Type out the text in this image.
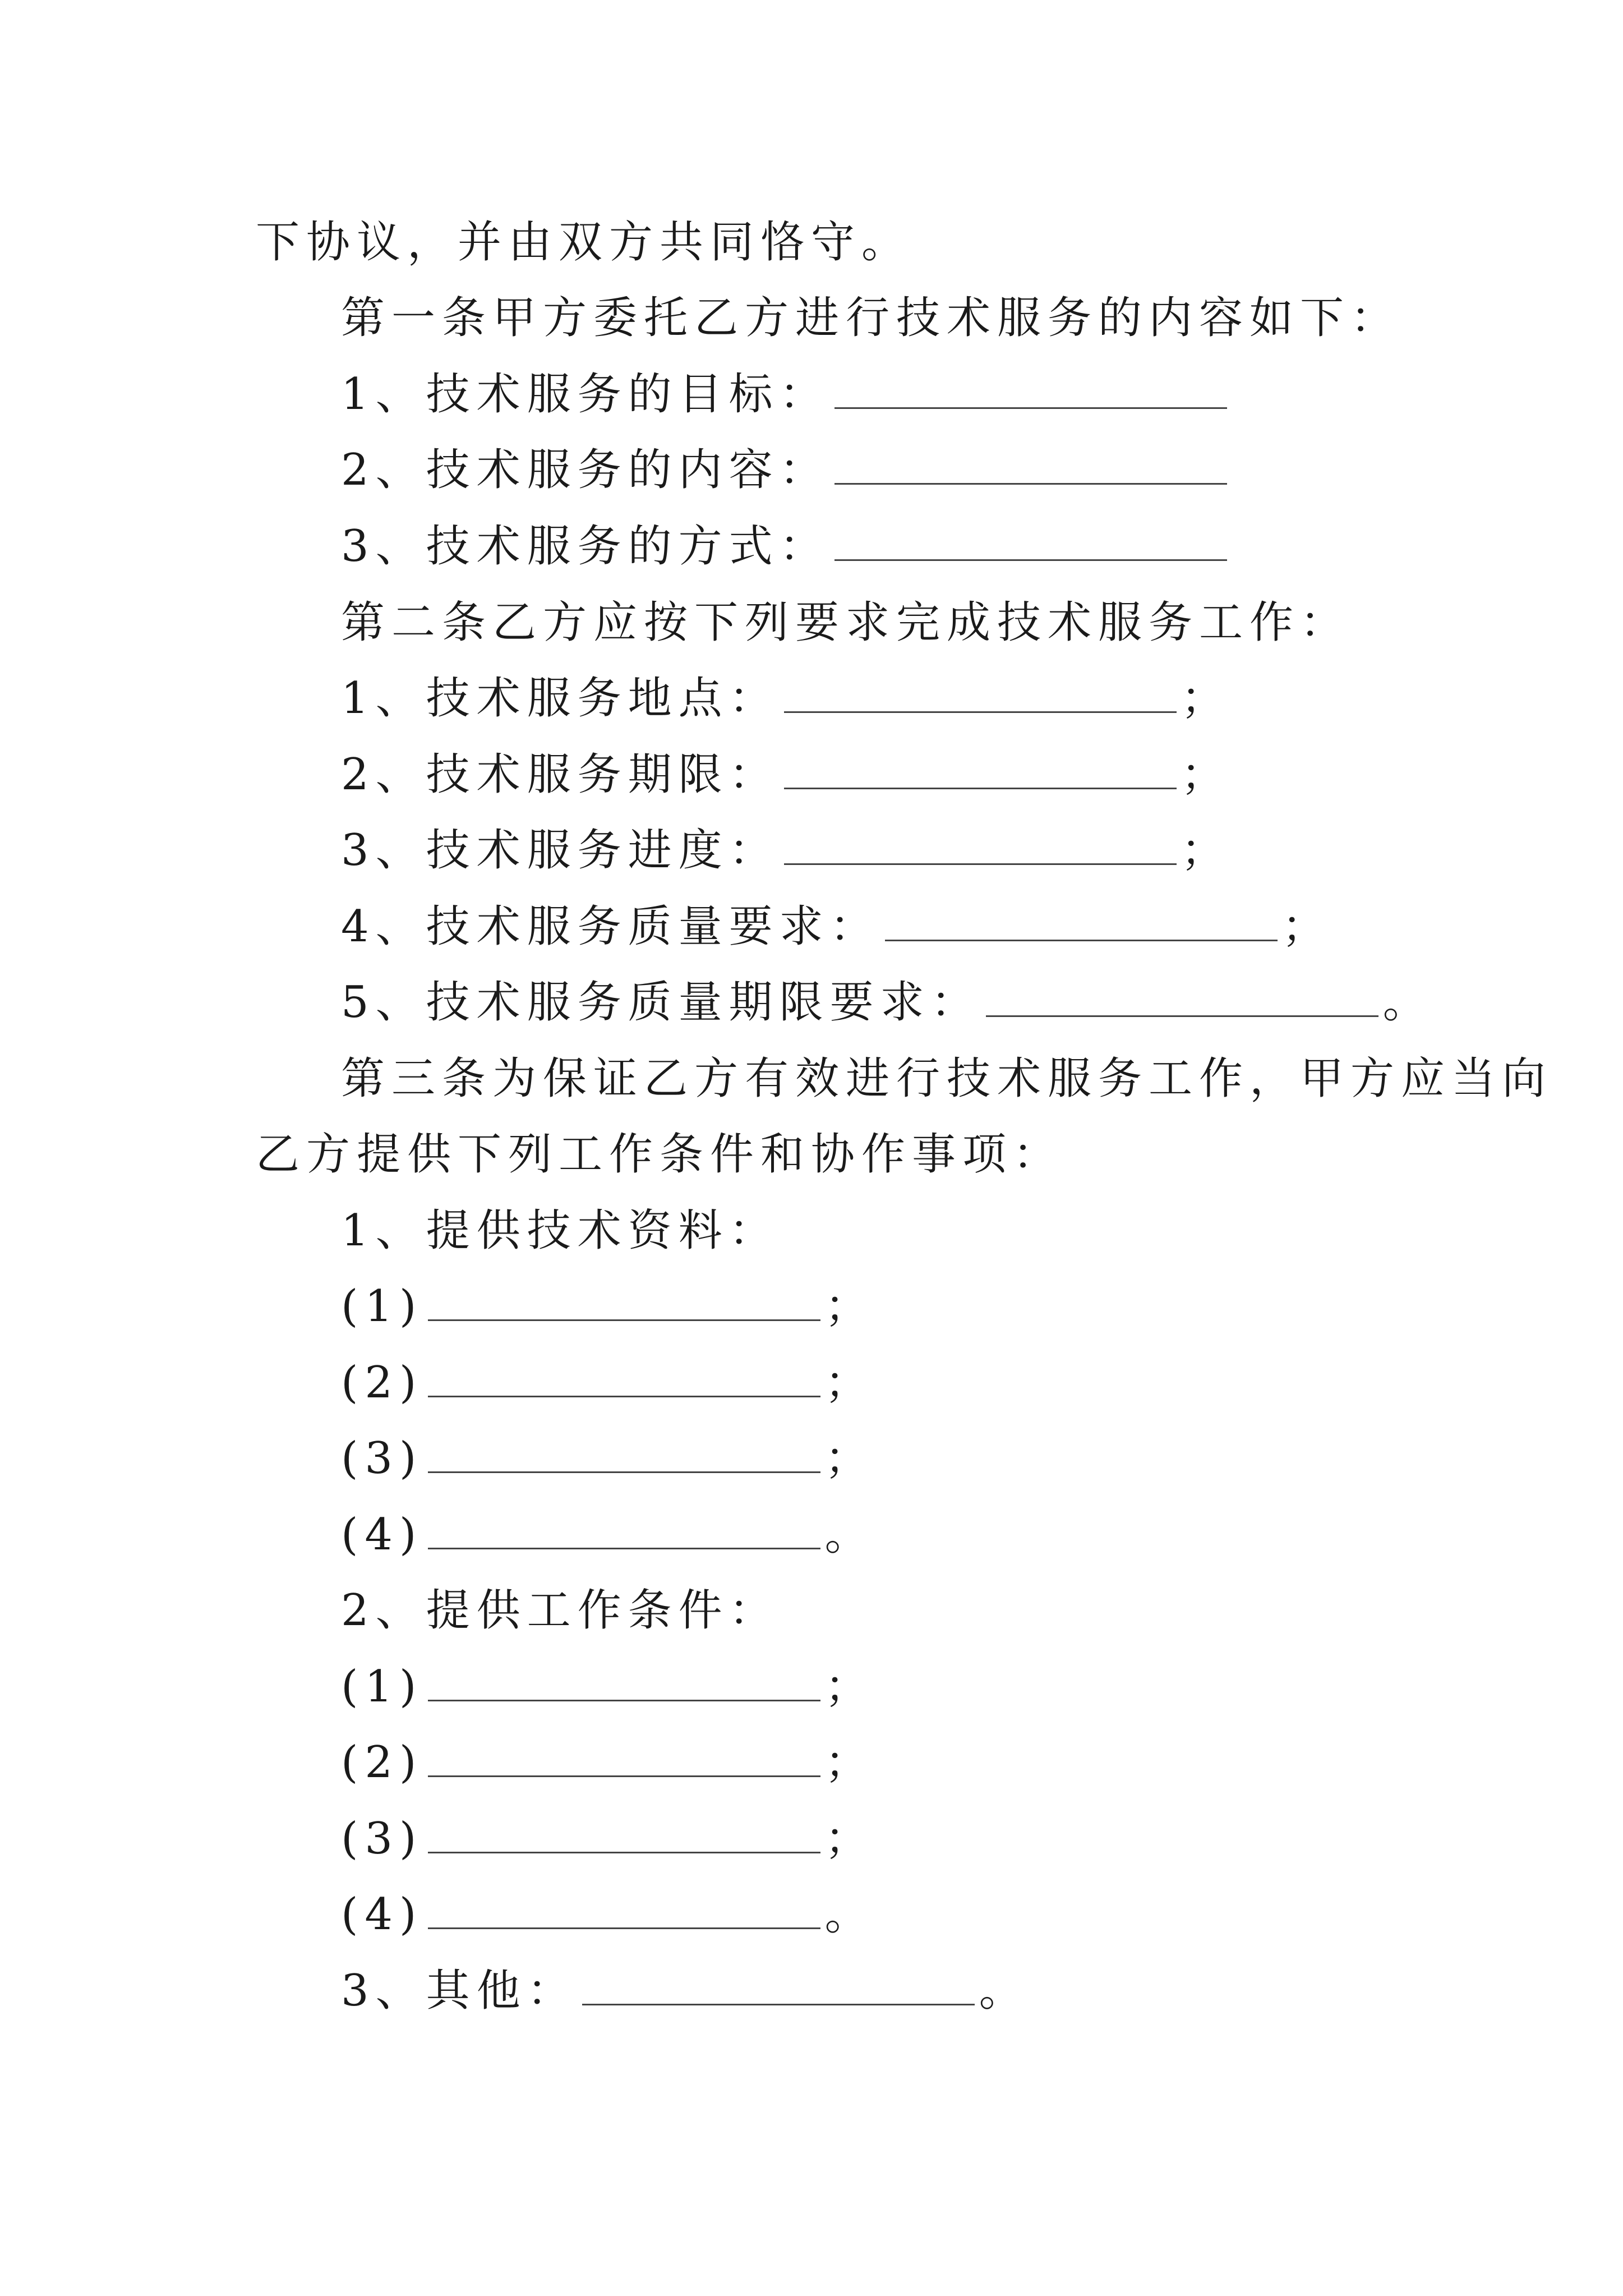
下协议，并由双方共同恪守。
第一条甲方委托乙方进行技术服务的内容如下：
1、技术服务的目标：
2、技术服务的内容：
3、技术服务的方式：
第二条乙方应按下列要求完成技术服务工作：
1、技术服务地点：	；
2、技术服务期限：	；
3、技术服务进度：	；
4、技术服务质量要求：	；
5、技术服务质量期限要求：	。
第三条为保证乙方有效进行技术服务工作，甲方应当向
乙方提供下列工作条件和协作事项：
1、提供技术资料：
(1)	；
(2)	；
(3)	；
(4)	。
2、提供工作条件：
(1)	；
(2)	；
(3)	；
(4)	。
3、其他：	。
